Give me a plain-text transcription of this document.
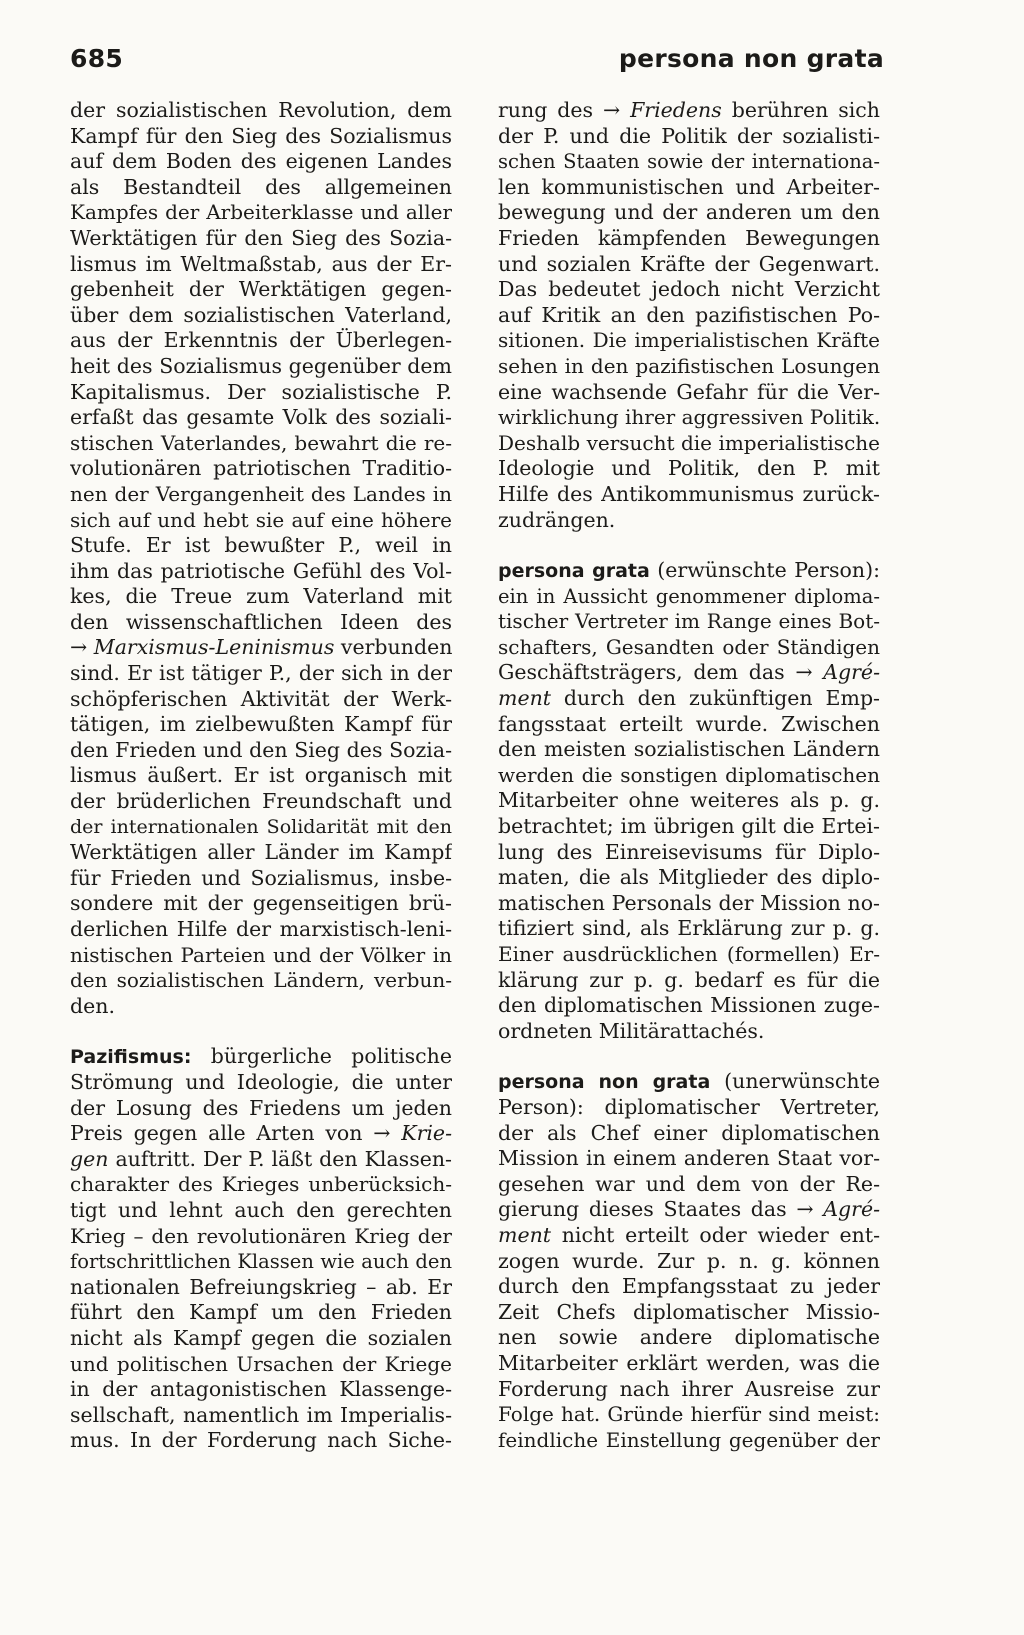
685	persona non grata
der sozialistischen Revolution, dem
Kampf für den Sieg des Sozialismus
auf dem Boden des eigenen Landes
als Bestandteil des allgemeinen
Kampfes der Arbeiterklasse und aller
Werktätigen für den Sieg des Sozia-
lismus im Weltmaßstab, aus der Er-
gebenheit der Werktätigen gegen-
über dem sozialistischen Vaterland,
aus der Erkenntnis der Überlegen-
heit des Sozialismus gegenüber dem
Kapitalismus. Der sozialistische P.
erfaßt das gesamte Volk des soziali-
stischen Vaterlandes, bewahrt die re-
volutionären patriotischen Traditio-
nen der Vergangenheit des Landes in
sich auf und hebt sie auf eine höhere
Stufe. Er ist bewußter P., weil in
ihm das patriotische Gefühl des Vol-
kes, die Treue zum Vaterland mit
den wissenschaftlichen Ideen des
→ Marxismus-Leninismus verbunden
sind. Er ist tätiger P., der sich in der
schöpferischen Aktivität der Werk-
tätigen, im zielbewußten Kampf für
den Frieden und den Sieg des Sozia-
lismus äußert. Er ist organisch mit
der brüderlichen Freundschaft und
der internationalen Solidarität mit den
Werktätigen aller Länder im Kampf
für Frieden und Sozialismus, insbe-
sondere mit der gegenseitigen brü-
derlichen Hilfe der marxistisch-leni-
nistischen Parteien und der Völker in
den sozialistischen Ländern, verbun-
den.
Pazifismus: bürgerliche politische
Strömung und Ideologie, die unter
der Losung des Friedens um jeden
Preis gegen alle Arten von → Krie-
gen auftritt. Der P. läßt den Klassen-
charakter des Krieges unberücksich-
tigt und lehnt auch den gerechten
Krieg – den revolutionären Krieg der
fortschrittlichen Klassen wie auch den
nationalen Befreiungskrieg – ab. Er
führt den Kampf um den Frieden
nicht als Kampf gegen die sozialen
und politischen Ursachen der Kriege
in der antagonistischen Klassenge-
sellschaft, namentlich im Imperialis-
mus. In der Forderung nach Siche-
rung des → Friedens berühren sich
der P. und die Politik der sozialisti-
schen Staaten sowie der internationa-
len kommunistischen und Arbeiter-
bewegung und der anderen um den
Frieden kämpfenden Bewegungen
und sozialen Kräfte der Gegenwart.
Das bedeutet jedoch nicht Verzicht
auf Kritik an den pazifistischen Po-
sitionen. Die imperialistischen Kräfte
sehen in den pazifistischen Losungen
eine wachsende Gefahr für die Ver-
wirklichung ihrer aggressiven Politik.
Deshalb versucht die imperialistische
Ideologie und Politik, den P. mit
Hilfe des Antikommunismus zurück-
zudrängen.
persona grata (erwünschte Person):
ein in Aussicht genommener diploma-
tischer Vertreter im Range eines Bot-
schafters, Gesandten oder Ständigen
Geschäftsträgers, dem das → Agré-
ment durch den zukünftigen Emp-
fangsstaat erteilt wurde. Zwischen
den meisten sozialistischen Ländern
werden die sonstigen diplomatischen
Mitarbeiter ohne weiteres als p. g.
betrachtet; im übrigen gilt die Ertei-
lung des Einreisevisums für Diplo-
maten, die als Mitglieder des diplo-
matischen Personals der Mission no-
tifiziert sind, als Erklärung zur p. g.
Einer ausdrücklichen (formellen) Er-
klärung zur p. g. bedarf es für die
den diplomatischen Missionen zuge-
ordneten Militärattachés.
persona non grata (unerwünschte
Person): diplomatischer Vertreter,
der als Chef einer diplomatischen
Mission in einem anderen Staat vor-
gesehen war und dem von der Re-
gierung dieses Staates das → Agré-
ment nicht erteilt oder wieder ent-
zogen wurde. Zur p. n. g. können
durch den Empfangsstaat zu jeder
Zeit Chefs diplomatischer Missio-
nen sowie andere diplomatische
Mitarbeiter erklärt werden, was die
Forderung nach ihrer Ausreise zur
Folge hat. Gründe hierfür sind meist:
feindliche Einstellung gegenüber der
